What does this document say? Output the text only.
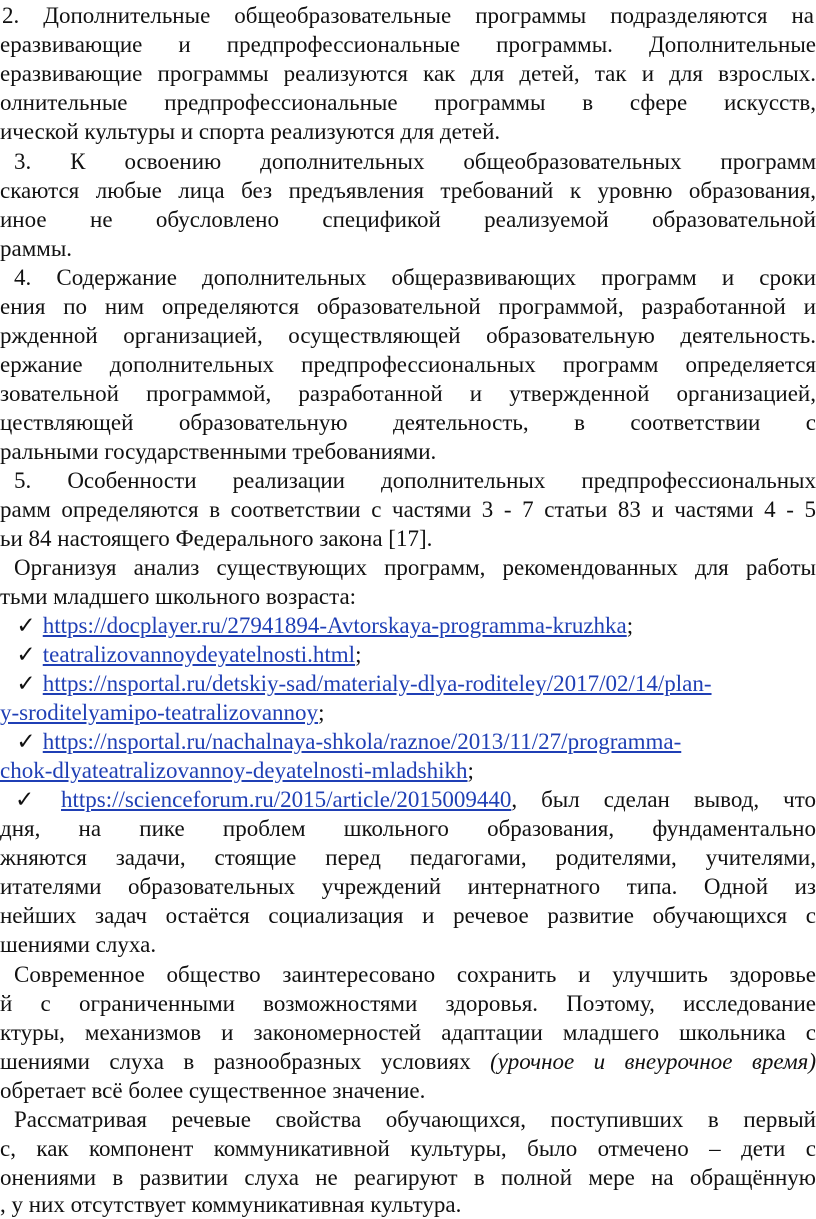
2. Дополнительные общеобразовательные программы подразделяются на
еразвивающие и предпрофессиональные программы. Дополнительные
еразвивающие программы реализуются как для детей, так и для взрослых.
олнительные предпрофессиональные программы в сфере искусств,
ической культуры и спорта реализуются для детей.
3. К освоению дополнительных общеобразовательных программ
скаются любые лица без предъявления требований к уровню образования,
иное не обусловлено спецификой реализуемой образовательной
раммы.
4. Содержание дополнительных общеразвивающих программ и сроки
ения по ним определяются образовательной программой, разработанной и
ржденной организацией, осуществляющей образовательную деятельность.
ержание дополнительных предпрофессиональных программ определяется
зовательной программой, разработанной и утвержденной организацией,
цествляющей образовательную деятельность, в соответствии с
ральными государственными требованиями.
5. Особенности реализации дополнительных предпрофессиональных
рамм определяются в соответствии с частями 3 - 7 статьи 83 и частями 4 - 5
ьи 84 настоящего Федерального закона [17].
Организуя анализ существующих программ, рекомендованных для работы
тьми младшего школьного возраста:
✓ https://docplayer.ru/27941894-Avtorskaya-programma-kruzhka;
✓ teatralizovannoydeyatelnosti.html;
✓ https://nsportal.ru/detskiy-sad/materialy-dlya-roditeley/2017/02/14/plan-
y-sroditelyamipo-teatralizovannoy;
✓ https://nsportal.ru/nachalnaya-shkola/raznoe/2013/11/27/programma-
chok-dlyateatralizovannoy-deyatelnosti-mladshikh;
✓ https://scienceforum.ru/2015/article/2015009440, был сделан вывод, что
дня, на пике проблем школьного образования, фундаментально
жняются задачи, стоящие перед педагогами, родителями, учителями,
итателями образовательных учреждений интернатного типа. Одной из
нейших задач остаётся социализация и речевое развитие обучающихся с
шениями слуха.
Современное общество заинтересовано сохранить и улучшить здоровье
й с ограниченными возможностями здоровья. Поэтому, исследование
ктуры, механизмов и закономерностей адаптации младшего школьника с
шениями слуха в разнообразных условиях (урочное и внеурочное время)
обретает всё более существенное значение.
Рассматривая речевые свойства обучающихся, поступивших в первый
с, как компонент коммуникативной культуры, было отмечено – дети с
онениями в развитии слуха не реагируют в полной мере на обращённую
, у них отсутствует коммуникативная культура.
